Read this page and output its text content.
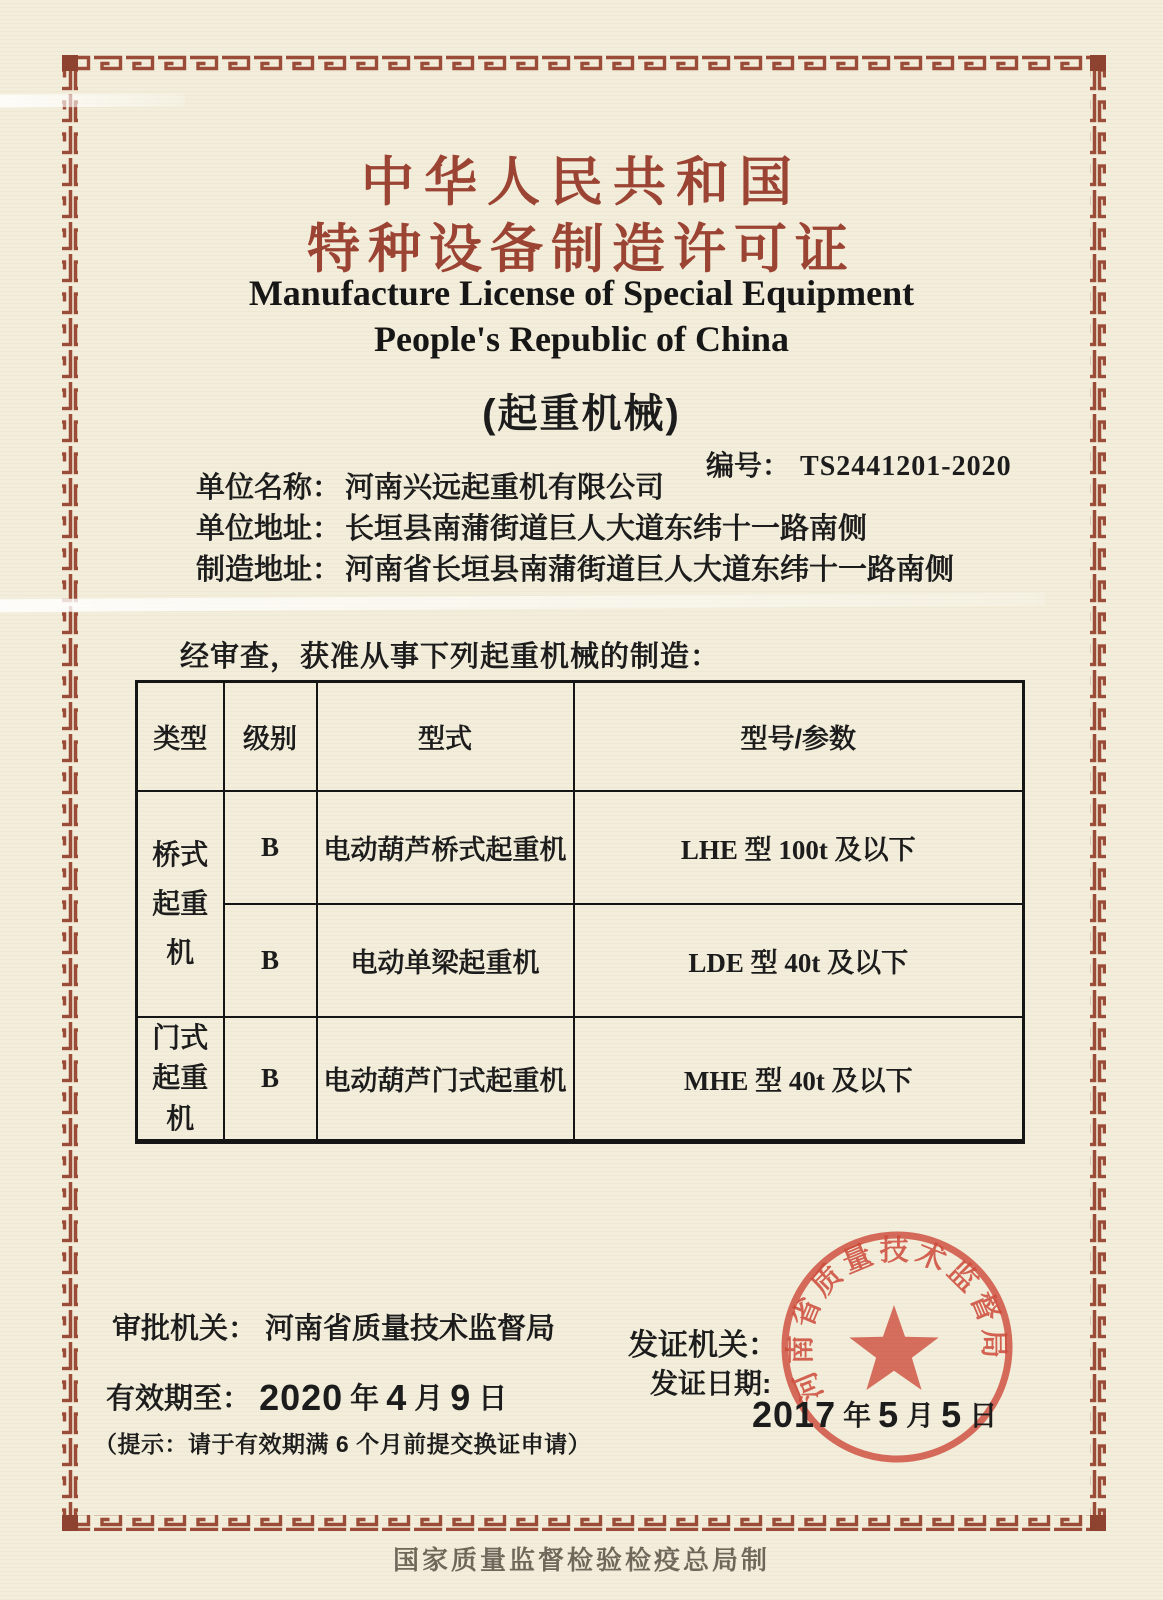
中华人民共和国
特种设备制造许可证
Manufacture License of Special Equipment
People's Republic of China
(起重机械)
编号： TS2441201-2020
单位名称： 河南兴远起重机有限公司
单位地址： 长垣县南蒲街道巨人大道东纬十一路南侧
制造地址： 河南省长垣县南蒲街道巨人大道东纬十一路南侧
经审查，获准从事下列起重机械的制造：
类型	级别	型式	型号/参数
桥式起重机	B	电动葫芦桥式起重机	LHE 型 100t 及以下
	B	电动单梁起重机	LDE 型 40t 及以下
门式起重机	B	电动葫芦门式起重机	MHE 型 40t 及以下
审批机关： 河南省质量技术监督局
有效期至： 2020 年 4 月 9 日
（提示：请于有效期满 6 个月前提交换证申请）
发证机关：
发证日期:
2017 年 5 月 5 日
河南省质量技术监督局
国家质量监督检验检疫总局制
